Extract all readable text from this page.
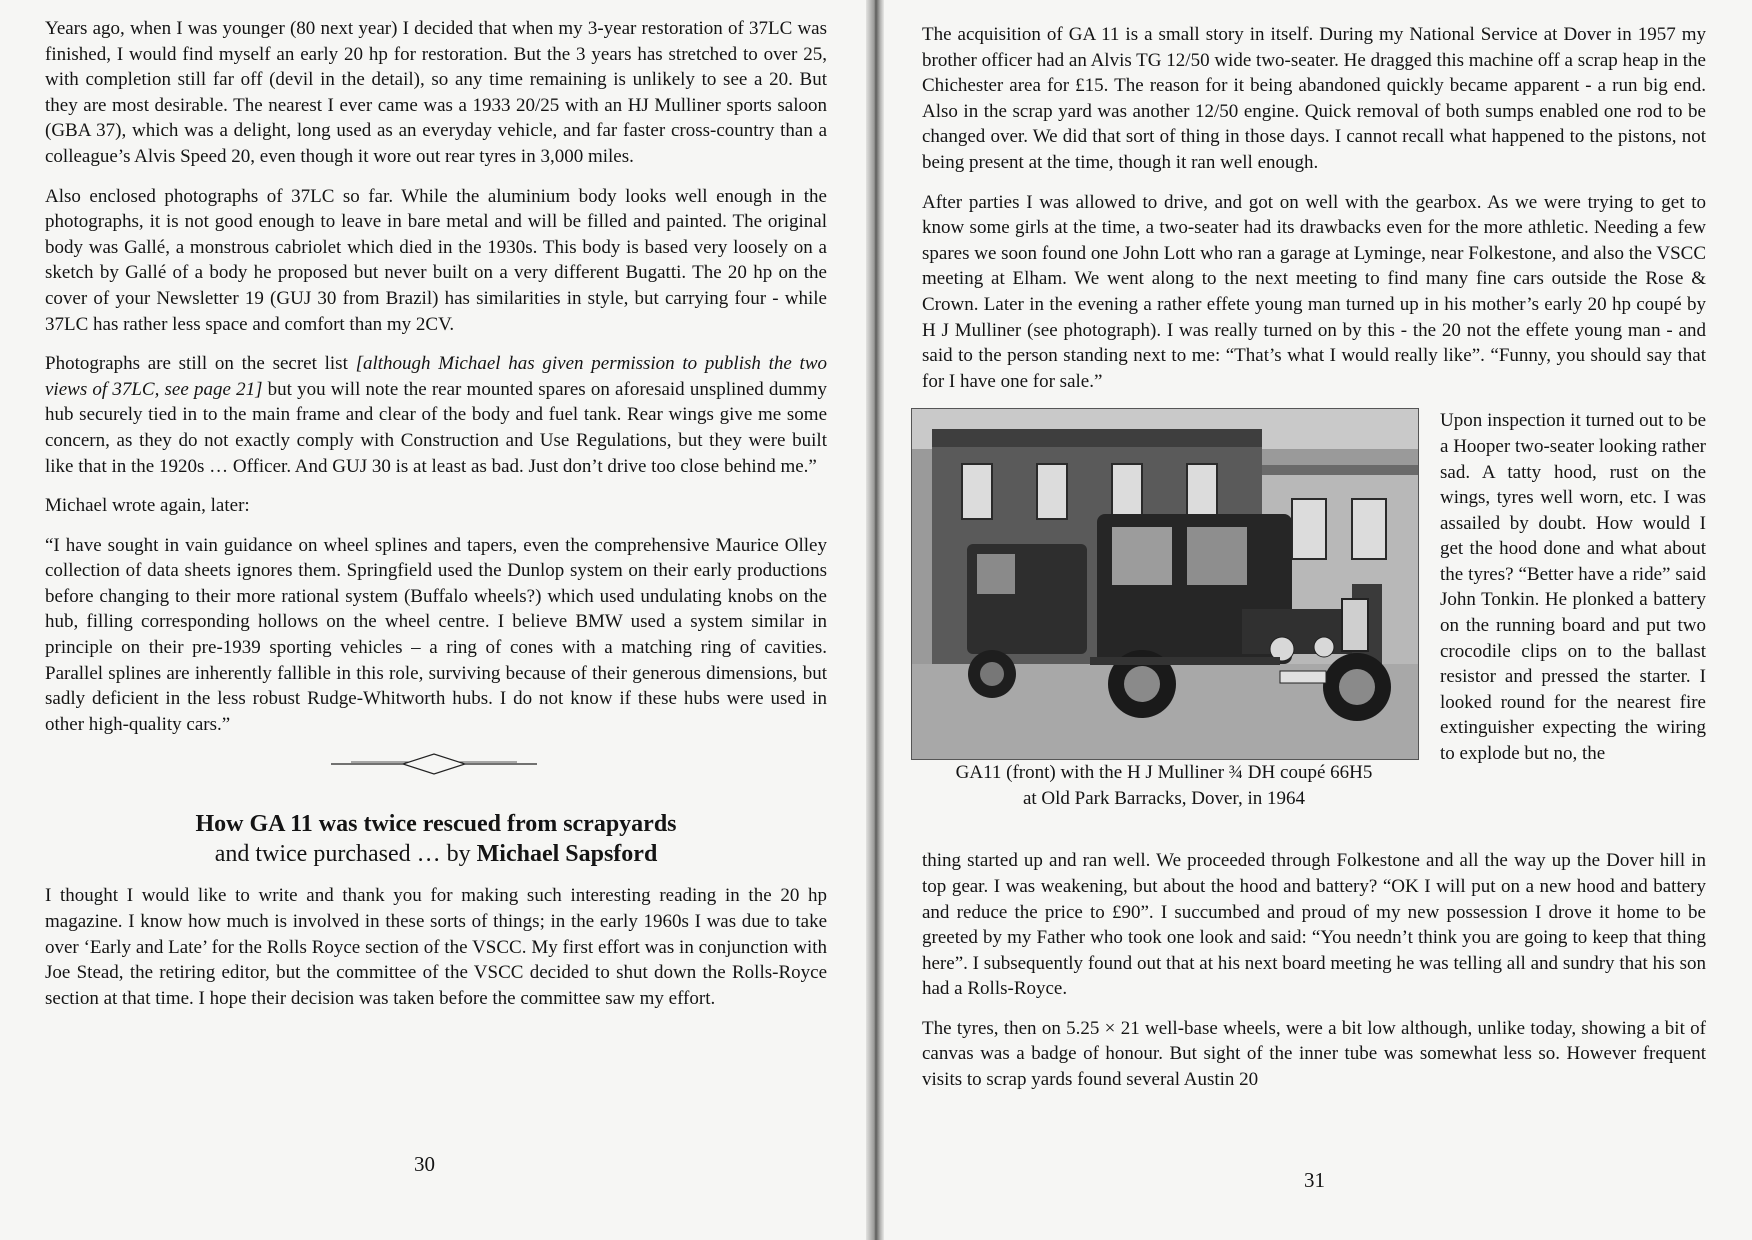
Years ago, when I was younger (80 next year) I decided that when my 3-year restoration of 37LC was finished, I would find myself an early 20 hp for restoration. But the 3 years has stretched to over 25, with completion still far off (devil in the detail), so any time remaining is unlikely to see a 20. But they are most desirable. The nearest I ever came was a 1933 20/25 with an HJ Mulliner sports saloon (GBA 37), which was a delight, long used as an everyday vehicle, and far faster cross-country than a colleague’s Alvis Speed 20, even though it wore out rear tyres in 3,000 miles.

Also enclosed photographs of 37LC so far. While the aluminium body looks well enough in the photographs, it is not good enough to leave in bare metal and will be filled and painted. The original body was Gallé, a monstrous cabriolet which died in the 1930s. This body is based very loosely on a sketch by Gallé of a body he proposed but never built on a very different Bugatti. The 20 hp on the cover of your Newsletter 19 (GUJ 30 from Brazil) has similarities in style, but carrying four - while 37LC has rather less space and comfort than my 2CV.

Photographs are still on the secret list [although Michael has given permission to publish the two views of 37LC, see page 21] but you will note the rear mounted spares on aforesaid unsplined dummy hub securely tied in to the main frame and clear of the body and fuel tank. Rear wings give me some concern, as they do not exactly comply with Construction and Use Regulations, but they were built like that in the 1920s … Officer. And GUJ 30 is at least as bad. Just don’t drive too close behind me.”

Michael wrote again, later:

“I have sought in vain guidance on wheel splines and tapers, even the comprehensive Maurice Olley collection of data sheets ignores them. Springfield used the Dunlop system on their early productions before changing to their more rational system (Buffalo wheels?) which used undulating knobs on the hub, filling corresponding hollows on the wheel centre. I believe BMW used a system similar in principle on their pre-1939 sporting vehicles – a ring of cones with a matching ring of cavities. Parallel splines are inherently fallible in this role, surviving because of their generous dimensions, but sadly deficient in the less robust Rudge-Whitworth hubs. I do not know if these hubs were used in other high-quality cars.”

How GA 11 was twice rescued from scrapyards
and twice purchased … by Michael Sapsford

I thought I would like to write and thank you for making such interesting reading in the 20 hp magazine. I know how much is involved in these sorts of things; in the early 1960s I was due to take over ‘Early and Late’ for the Rolls Royce section of the VSCC. My first effort was in conjunction with Joe Stead, the retiring editor, but the committee of the VSCC decided to shut down the Rolls-Royce section at that time. I hope their decision was taken before the committee saw my effort.

30

The acquisition of GA 11 is a small story in itself. During my National Service at Dover in 1957 my brother officer had an Alvis TG 12/50 wide two-seater. He dragged this machine off a scrap heap in the Chichester area for £15. The reason for it being abandoned quickly became apparent - a run big end. Also in the scrap yard was another 12/50 engine. Quick removal of both sumps enabled one rod to be changed over. We did that sort of thing in those days. I cannot recall what happened to the pistons, not being present at the time, though it ran well enough.

After parties I was allowed to drive, and got on well with the gearbox. As we were trying to get to know some girls at the time, a two-seater had its drawbacks even for the more athletic. Needing a few spares we soon found one John Lott who ran a garage at Lyminge, near Folkestone, and also the VSCC meeting at Elham. We went along to the next meeting to find many fine cars outside the Rose & Crown. Later in the evening a rather effete young man turned up in his mother’s early 20 hp coupé by H J Mulliner (see photograph). I was really turned on by this - the 20 not the effete young man - and said to the person standing next to me: “That’s what I would really like”. “Funny, you should say that for I have one for sale.”

GA11 (front) with the H J Mulliner ¾ DH coupé 66H5
at Old Park Barracks, Dover, in 1964
Upon inspection it turned out to be a Hooper two-seater looking rather sad. A tatty hood, rust on the wings, tyres well worn, etc. I was assailed by doubt. How would I get the hood done and what about the tyres? “Better have a ride” said John Tonkin. He plonked a battery on the running board and put two crocodile clips on to the ballast resistor and pressed the starter. I looked round for the nearest fire extinguisher expecting the wiring to explode but no, the

thing started up and ran well. We proceeded through Folkestone and all the way up the Dover hill in top gear. I was weakening, but about the hood and battery? “OK I will put on a new hood and battery and reduce the price to £90”. I succumbed and proud of my new possession I drove it home to be greeted by my Father who took one look and said: “You needn’t think you are going to keep that thing here”. I subsequently found out that at his next board meeting he was telling all and sundry that his son had a Rolls-Royce.

The tyres, then on 5.25 × 21 well-base wheels, were a bit low although, unlike today, showing a bit of canvas was a badge of honour. But sight of the inner tube was somewhat less so. However frequent visits to scrap yards found several Austin 20

31
